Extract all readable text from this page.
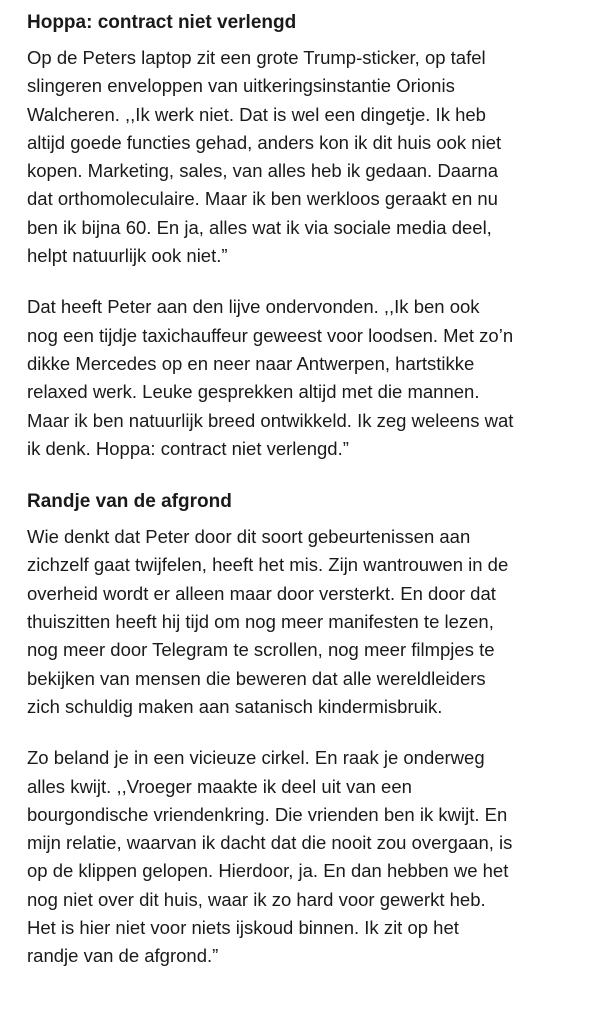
Hoppa: contract niet verlengd

Op de Peters laptop zit een grote Trump-sticker, op tafel
slingeren enveloppen van uitkeringsinstantie Orionis
Walcheren. ,,Ik werk niet. Dat is wel een dingetje. Ik heb
altijd goede functies gehad, anders kon ik dit huis ook niet
kopen. Marketing, sales, van alles heb ik gedaan. Daarna
dat orthomoleculaire. Maar ik ben werkloos geraakt en nu
ben ik bijna 60. En ja, alles wat ik via sociale media deel,
helpt natuurlijk ook niet.”

Dat heeft Peter aan den lijve ondervonden. ,,Ik ben ook
nog een tijdje taxichauffeur geweest voor loodsen. Met zo’n
dikke Mercedes op en neer naar Antwerpen, hartstikke
relaxed werk. Leuke gesprekken altijd met die mannen.
Maar ik ben natuurlijk breed ontwikkeld. Ik zeg weleens wat
ik denk. Hoppa: contract niet verlengd.”

Randje van de afgrond

Wie denkt dat Peter door dit soort gebeurtenissen aan
zichzelf gaat twijfelen, heeft het mis. Zijn wantrouwen in de
overheid wordt er alleen maar door versterkt. En door dat
thuiszitten heeft hij tijd om nog meer manifesten te lezen,
nog meer door Telegram te scrollen, nog meer filmpjes te
bekijken van mensen die beweren dat alle wereldleiders
zich schuldig maken aan satanisch kindermisbruik.

Zo beland je in een vicieuze cirkel. En raak je onderweg
alles kwijt. ,,Vroeger maakte ik deel uit van een
bourgondische vriendenkring. Die vrienden ben ik kwijt. En
mijn relatie, waarvan ik dacht dat die nooit zou overgaan, is
op de klippen gelopen. Hierdoor, ja. En dan hebben we het
nog niet over dit huis, waar ik zo hard voor gewerkt heb.
Het is hier niet voor niets ijskoud binnen. Ik zit op het
randje van de afgrond.”
